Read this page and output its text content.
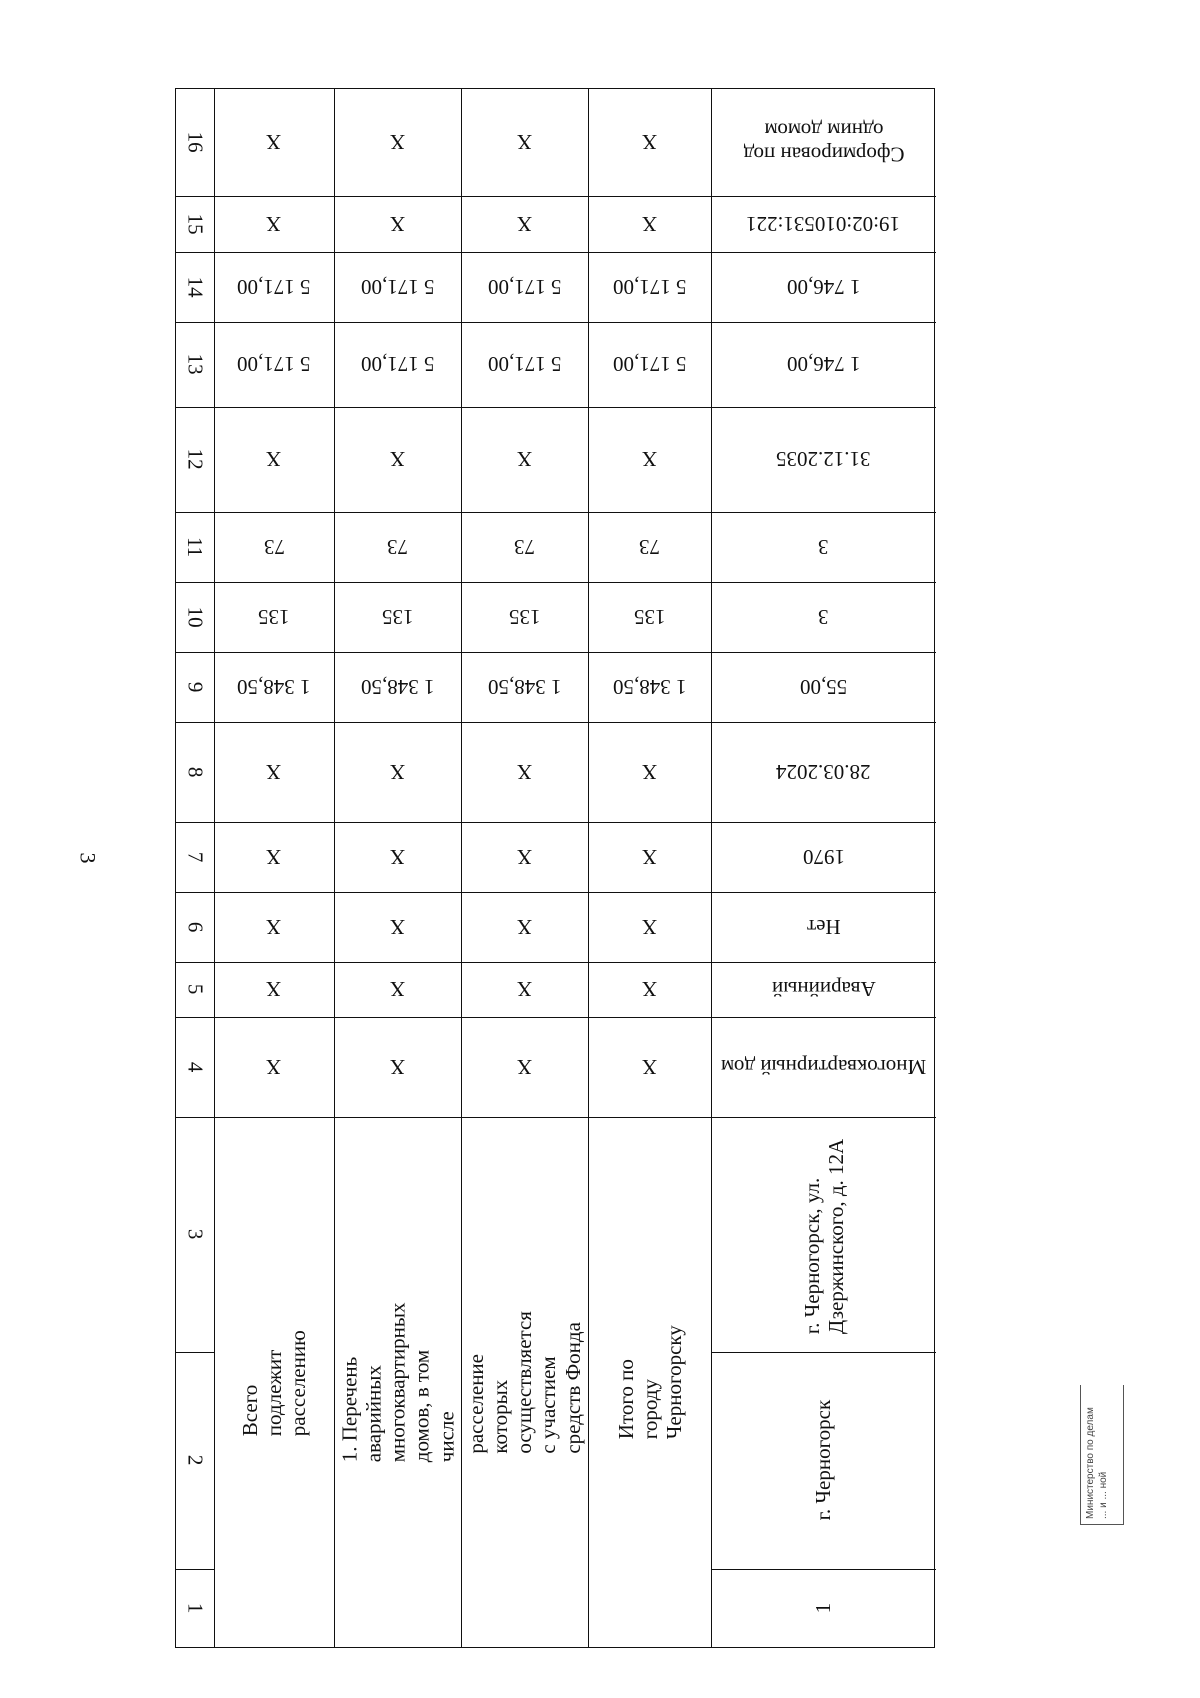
3
16
15
14
13
12
11
10
9
8
7
6
5
4
3
2
1
Всего подлежит расселению 1. Перечень аварийных многоквартирных домов, в том числе расселение которых осуществляется с участием средств Фонда Итого по городу Черногорску
X
X
5 171,00
5 171,00
X
73
135
1 348,50
X
X
X
X
X
X
X
5 171,00
5 171,00
X
73
135
1 348,50
X
X
X
X
X
X
X
5 171,00
5 171,00
X
73
135
1 348,50
X
X
X
X
X
X
X
5 171,00
5 171,00
X
73
135
1 348,50
X
X
X
X
X
1
г. Черногорск
г. Черногорск, ул. Дзержинского, д. 12А
Сформирован под одним домом
19:02:010531:221
1 746,00
1 746,00
31.12.2035
3
3
55,00
28.03.2024
1970
Нет
Аварийный
Многоквартирный дом
Министерство по делам ... и ... ной
